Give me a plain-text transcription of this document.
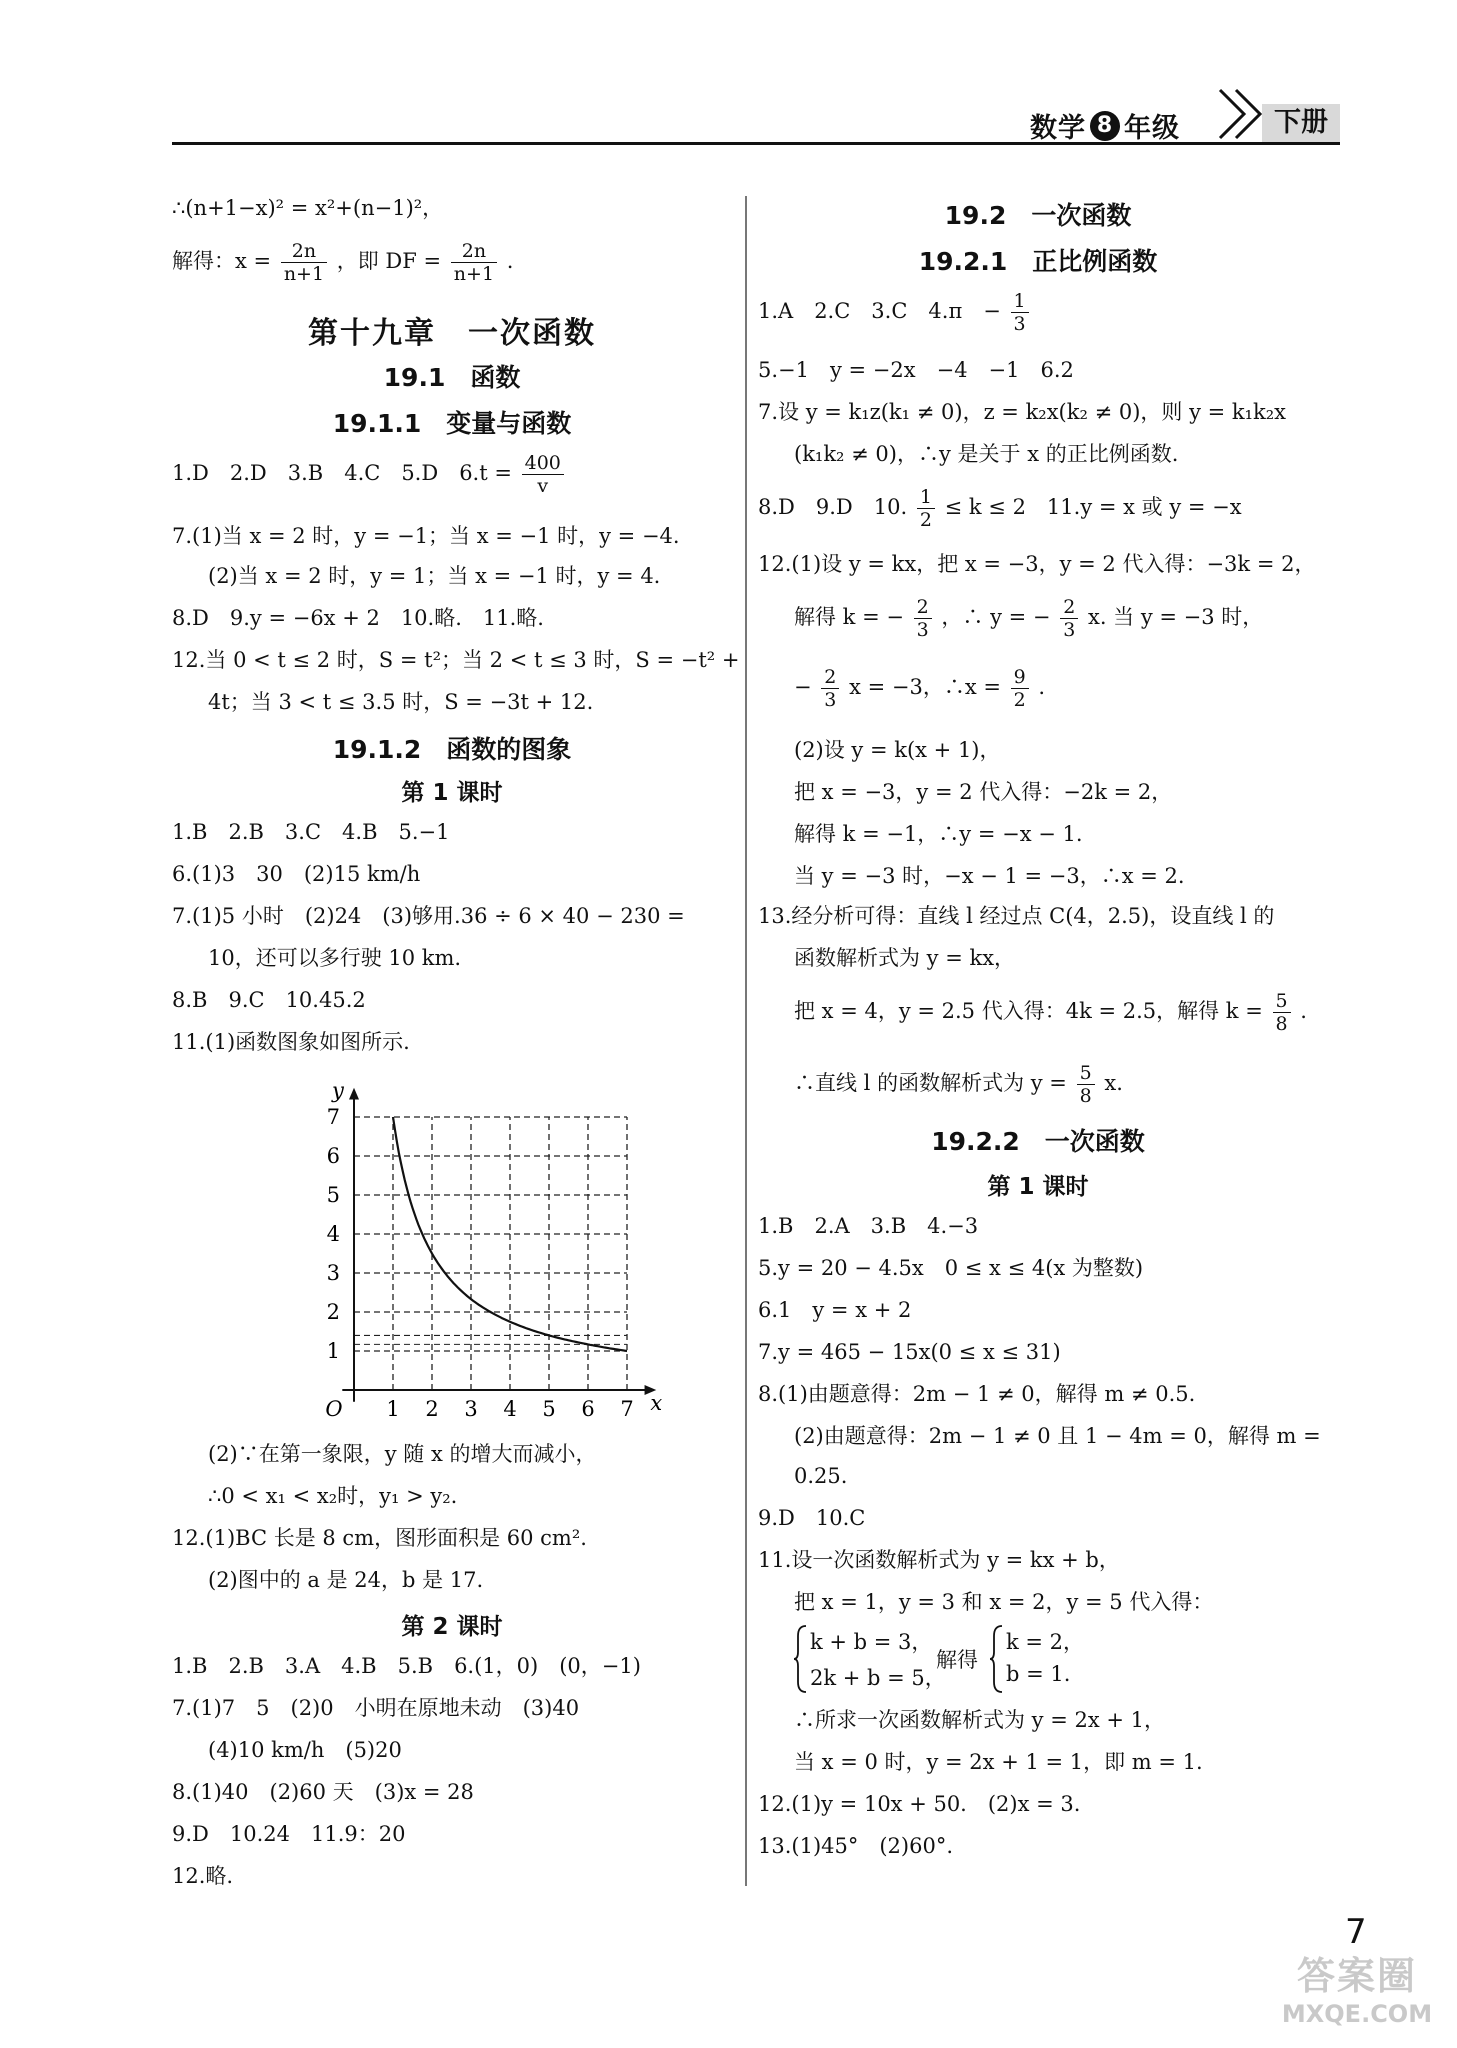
数学 8 年级	下册
∴(n+1−x)² = x²+(n−1)²，
解得：$x = \frac{2n}{n+1}$ ，即 DF = $\frac{2n}{n+1}$ .
第十九章　一次函数
19.1　函数
19.1.1　变量与函数
1.D　2.D　3.B　4.C　5.D　$6.t = \frac{400}{v}$
7.(1)当 x = 2 时，y = −1；当 x = −1 时，y = −4.
(2)当 x = 2 时，y = 1；当 x = −1 时，y = 4.
8.D　9.y = −6x + 2　10.略.　11.略.
12.当 0 < t ≤ 2 时，S = t²；当 2 < t ≤ 3 时，S = −t² +
4t；当 3 < t ≤ 3.5 时，S = −3t + 12.
19.1.2　函数的图象
第 1 课时
1.B　2.B　3.C　4.B　5.−1
6.(1)3　30　(2)15 km/h
7.(1)5 小时　(2)24　(3)够用.36 ÷ 6 × 40 − 230 =
10，还可以多行驶 10 km.
8.B　9.C　10.45.2
11.(1)函数图象如图所示.
1 2 3 4 5 6 7
1
2
3
4
5
6
7
O	x
y
(2)∵在第一象限，y 随 x 的增大而减小，
∴0 < x₁ < x₂时，y₁ > y₂.
12.(1)BC 长是 8 cm，图形面积是 60 cm².
(2)图中的 a 是 24，b 是 17.
第 2 课时
1.B　2.B　3.A　4.B　5.B　6.(1，0)　(0，−1)
7.(1)7　5　(2)0　小明在原地未动　(3)40
(4)10 km/h　(5)20
8.(1)40　(2)60 天　(3)x = 28
9.D　10.24　11.9：20
12.略.
19.2　一次函数
19.2.1　正比例函数
1.A　2.C　3.C　4.π　− $\frac{1}{3}$
5.−1　y = −2x　−4　−1　6.2
7.设 y = k₁z(k₁ ≠ 0)，z = k₂x(k₂ ≠ 0)，则 y = k₁k₂x
(k₁k₂ ≠ 0)，∴y 是关于 x 的正比例函数.
8.D　9.D　10. $\frac{1}{2} \le k \le 2$　11.y = x 或 y = −x
12.(1)设 y = kx，把 x = −3，y = 2 代入得：−3k = 2，
解得 k = − $\frac{2}{3}$ ，∴ y = − $\frac{2}{3} x$. 当 y = −3 时，
− $\frac{2}{3}$ x = −3，∴x = $\frac{9}{2}$ .
(2)设 y = k(x + 1)，
把 x = −3，y = 2 代入得：−2k = 2，
解得 k = −1，∴y = −x − 1.
当 y = −3 时，−x − 1 = −3，∴x = 2.
13.经分析可得：直线 l 经过点 C(4，2.5)，设直线 l 的
函数解析式为 y = kx，
把 x = 4，y = 2.5 代入得：4k = 2.5，解得 $k = \frac{5}{8}$ .
∴直线 l 的函数解析式为 $y = \frac{5}{8} x$.
19.2.2　一次函数
第 1 课时
1.B　2.A　3.B　4.−3
5.y = 20 − 4.5x　0 ≤ x ≤ 4(x 为整数)
6.1　y = x + 2
7.y = 465 − 15x(0 ≤ x ≤ 31)
8.(1)由题意得：2m − 1 ≠ 0，解得 m ≠ 0.5.
(2)由题意得：2m − 1 ≠ 0 且 1 − 4m = 0，解得 m =
0.25.
9.D　10.C
11.设一次函数解析式为 y = kx + b，
把 x = 1，y = 3 和 x = 2，y = 5 代入得：
k + b = 3，
2k + b = 5，
解得
k = 2，
b = 1.
∴所求一次函数解析式为 y = 2x + 1，
当 x = 0 时，y = 2x + 1 = 1，即 m = 1.
12.(1)y = 10x + 50.　(2)x = 3.
13.(1)45°　(2)60°.
7
答案圈
MXQE.COM
